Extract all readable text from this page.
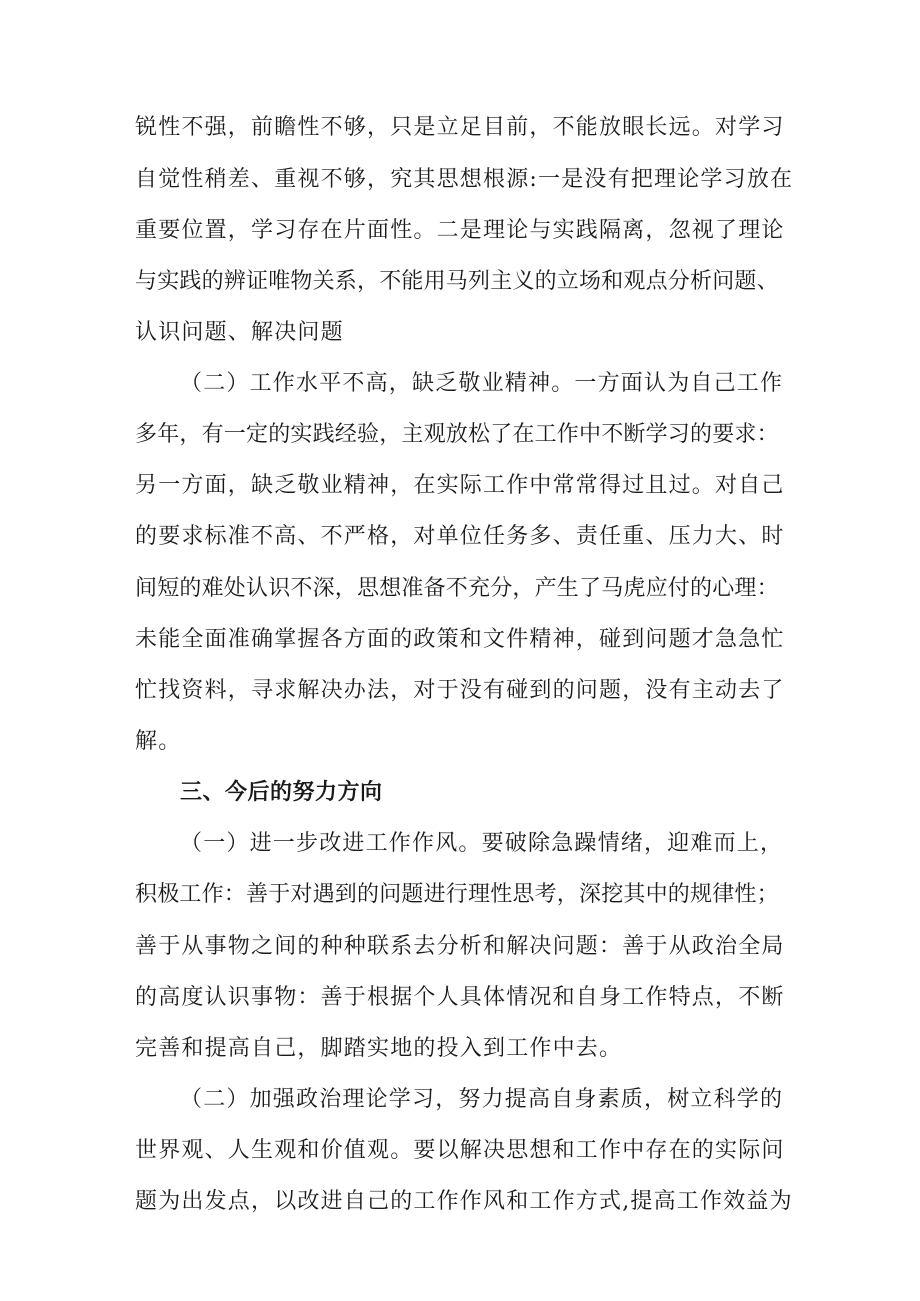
锐性不强，前瞻性不够，只是立足目前，不能放眼长远。对学习
自觉性稍差、重视不够，究其思想根源:一是没有把理论学习放在
重要位置，学习存在片面性。二是理论与实践隔离，忽视了理论
与实践的辨证唯物关系，不能用马列主义的立场和观点分析问题、
认识问题、解决问题
（二）工作水平不高，缺乏敬业精神。一方面认为自己工作
多年，有一定的实践经验，主观放松了在工作中不断学习的要求：
另一方面，缺乏敬业精神，在实际工作中常常得过且过。对自己
的要求标准不高、不严格，对单位任务多、责任重、压力大、时
间短的难处认识不深，思想准备不充分，产生了马虎应付的心理：
未能全面准确掌握各方面的政策和文件精神，碰到问题才急急忙
忙找资料，寻求解决办法，对于没有碰到的问题，没有主动去了
解。
三、今后的努力方向
（一）进一步改进工作作风。要破除急躁情绪，迎难而上，
积极工作：善于对遇到的问题进行理性思考，深挖其中的规律性；
善于从事物之间的种种联系去分析和解决问题：善于从政治全局
的高度认识事物：善于根据个人具体情况和自身工作特点，不断
完善和提高自己，脚踏实地的投入到工作中去。
（二）加强政治理论学习，努力提高自身素质，树立科学的
世界观、人生观和价值观。要以解决思想和工作中存在的实际问
题为出发点，以改进自己的工作作风和工作方式,提高工作效益为
